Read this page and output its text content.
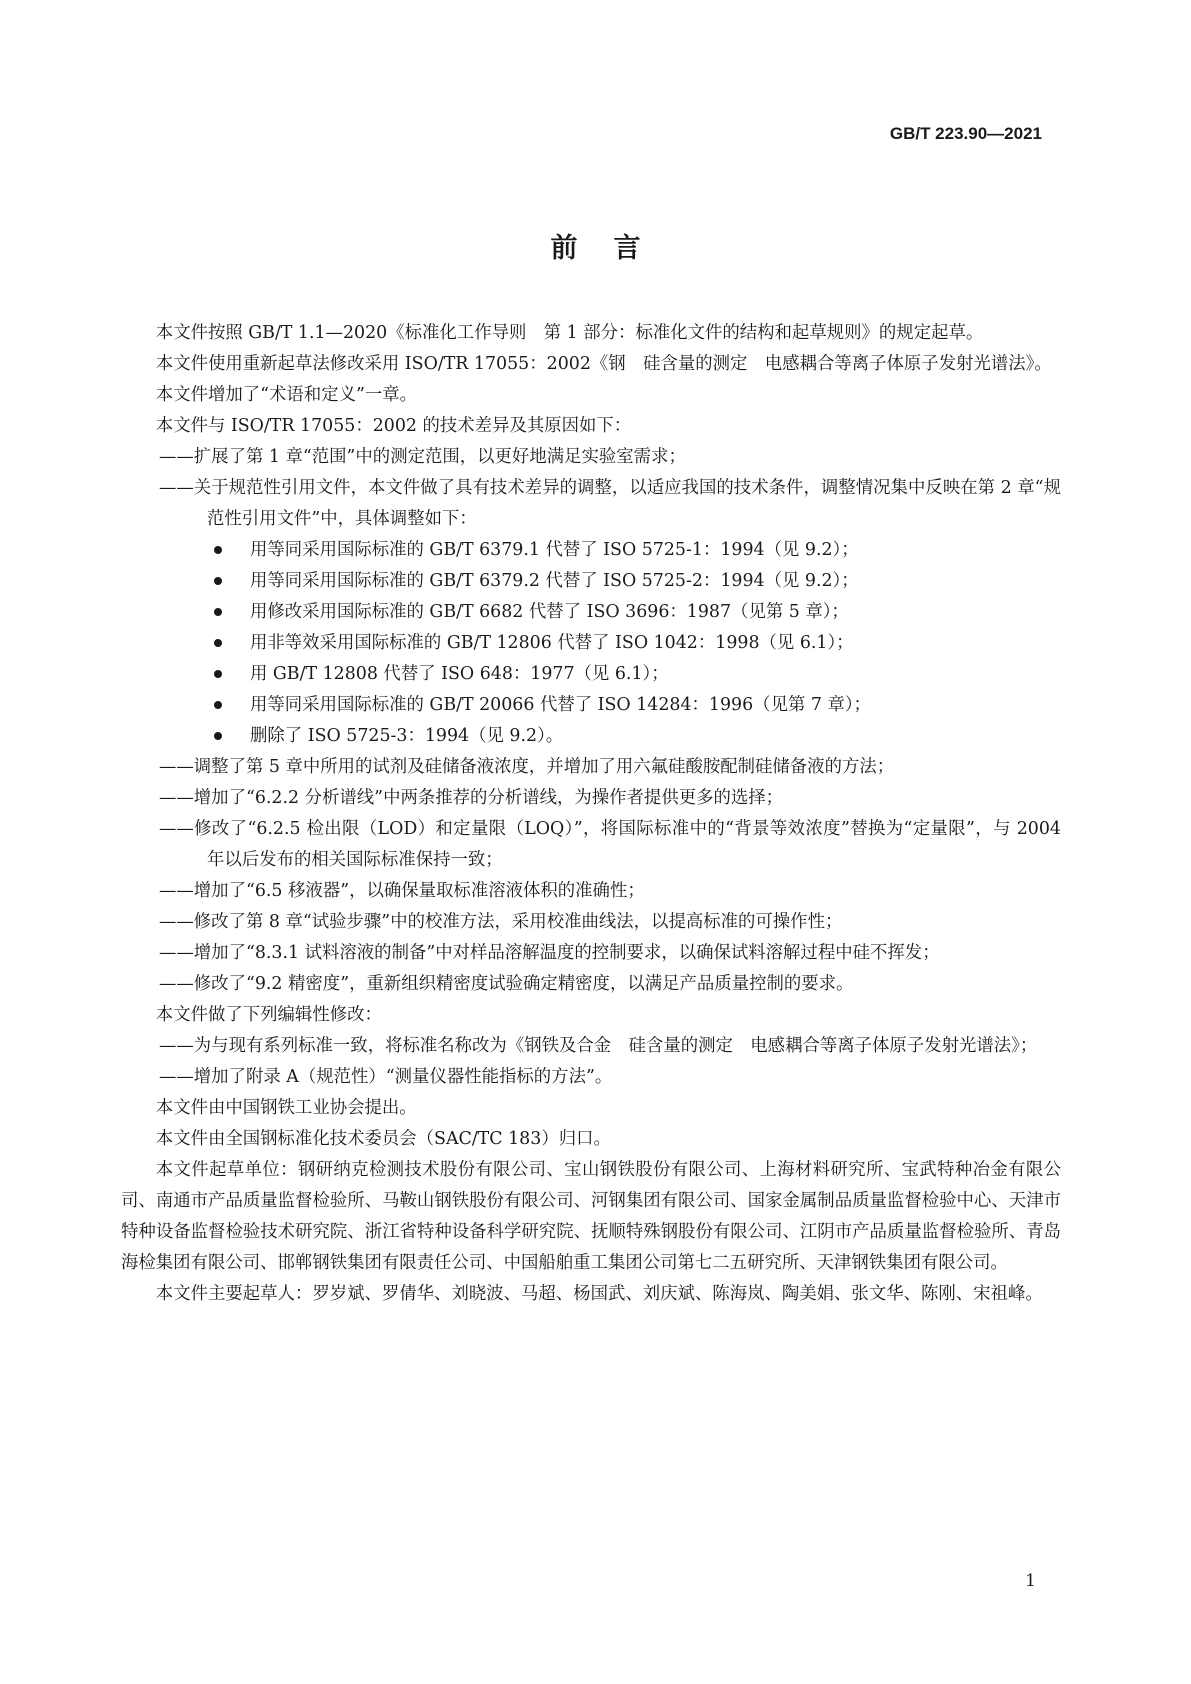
GB/T 223.90—2021
前言

本文件按照 GB/T 1.1—2020《标准化工作导则　第 1 部分：标准化文件的结构和起草规则》的规定起草。

本文件使用重新起草法修改采用 ISO/TR 17055：2002《钢　硅含量的测定　电感耦合等离子体原子发射光谱法》。

本文件增加了“术语和定义”一章。

本文件与 ISO/TR 17055：2002 的技术差异及其原因如下：

——扩展了第 1 章“范围”中的测定范围，以更好地满足实验室需求；

——关于规范性引用文件，本文件做了具有技术差异的调整，以适应我国的技术条件，调整情况集中反映在第 2 章“规范性引用文件”中，具体调整如下：

用等同采用国际标准的 GB/T 6379.1 代替了 ISO 5725-1：1994（见 9.2）；

用等同采用国际标准的 GB/T 6379.2 代替了 ISO 5725-2：1994（见 9.2）；

用修改采用国际标准的 GB/T 6682 代替了 ISO 3696：1987（见第 5 章）；

用非等效采用国际标准的 GB/T 12806 代替了 ISO 1042：1998（见 6.1）；

用 GB/T 12808 代替了 ISO 648：1977（见 6.1）；

用等同采用国际标准的 GB/T 20066 代替了 ISO 14284：1996（见第 7 章）；

删除了 ISO 5725-3：1994（见 9.2）。

——调整了第 5 章中所用的试剂及硅储备液浓度，并增加了用六氟硅酸胺配制硅储备液的方法；

——增加了“6.2.2 分析谱线”中两条推荐的分析谱线，为操作者提供更多的选择；

——修改了“6.2.5 检出限（LOD）和定量限（LOQ）”，将国际标准中的“背景等效浓度”替换为“定量限”，与 2004 年以后发布的相关国际标准保持一致；

——增加了“6.5 移液器”，以确保量取标准溶液体积的准确性；

——修改了第 8 章“试验步骤”中的校准方法，采用校准曲线法，以提高标准的可操作性；

——增加了“8.3.1 试料溶液的制备”中对样品溶解温度的控制要求，以确保试料溶解过程中硅不挥发；

——修改了“9.2 精密度”，重新组织精密度试验确定精密度，以满足产品质量控制的要求。

本文件做了下列编辑性修改：

——为与现有系列标准一致，将标准名称改为《钢铁及合金　硅含量的测定　电感耦合等离子体原子发射光谱法》；

——增加了附录 A（规范性）“测量仪器性能指标的方法”。

本文件由中国钢铁工业协会提出。

本文件由全国钢标准化技术委员会（SAC/TC 183）归口。

本文件起草单位：钢研纳克检测技术股份有限公司、宝山钢铁股份有限公司、上海材料研究所、宝武特种冶金有限公司、南通市产品质量监督检验所、马鞍山钢铁股份有限公司、河钢集团有限公司、国家金属制品质量监督检验中心、天津市特种设备监督检验技术研究院、浙江省特种设备科学研究院、抚顺特殊钢股份有限公司、江阴市产品质量监督检验所、青岛海检集团有限公司、邯郸钢铁集团有限责任公司、中国船舶重工集团公司第七二五研究所、天津钢铁集团有限公司。

本文件主要起草人：罗岁斌、罗倩华、刘晓波、马超、杨国武、刘庆斌、陈海岚、陶美娟、张文华、陈刚、宋祖峰。

1
